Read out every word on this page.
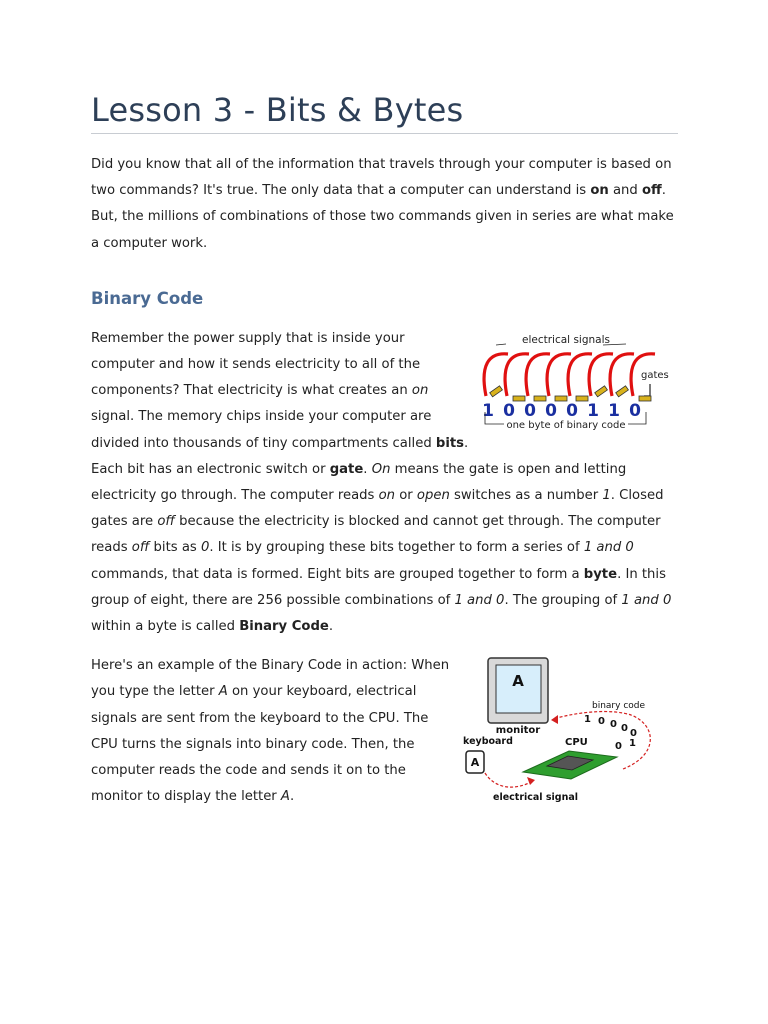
Lesson 3 - Bits & Bytes

Did you know that all of the information that travels through your computer is based on two commands? It's true. The only data that a computer can understand is on and off. But, the millions of combinations of those two commands given in series are what make a computer work.

Binary Code

electrical signals
gates
1 0 0 0 0 1 1 0
one byte of binary code
Remember the power supply that is inside your computer and how it sends electricity to all of the components? That electricity is what creates an on signal. The memory chips inside your computer are divided into thousands of tiny compartments called bits. Each bit has an electronic switch or gate. On means the gate is open and letting electricity go through. The computer reads on or open switches as a number 1. Closed gates are off because the electricity is blocked and cannot get through. The computer reads off bits as 0. It is by grouping these bits together to form a series of 1 and 0 commands, that data is formed. Eight bits are grouped together to form a byte. In this group of eight, there are 256 possible combinations of 1 and 0. The grouping of 1 and 0 within a byte is called Binary Code.

A
monitor
binary code
1 0 0 0 0
0 1
keyboard
A
CPU
electrical signal
Here's an example of the Binary Code in action: When you type the letter A on your keyboard, electrical signals are sent from the keyboard to the CPU. The CPU turns the signals into binary code. Then, the computer reads the code and sends it on to the monitor to display the letter A.
